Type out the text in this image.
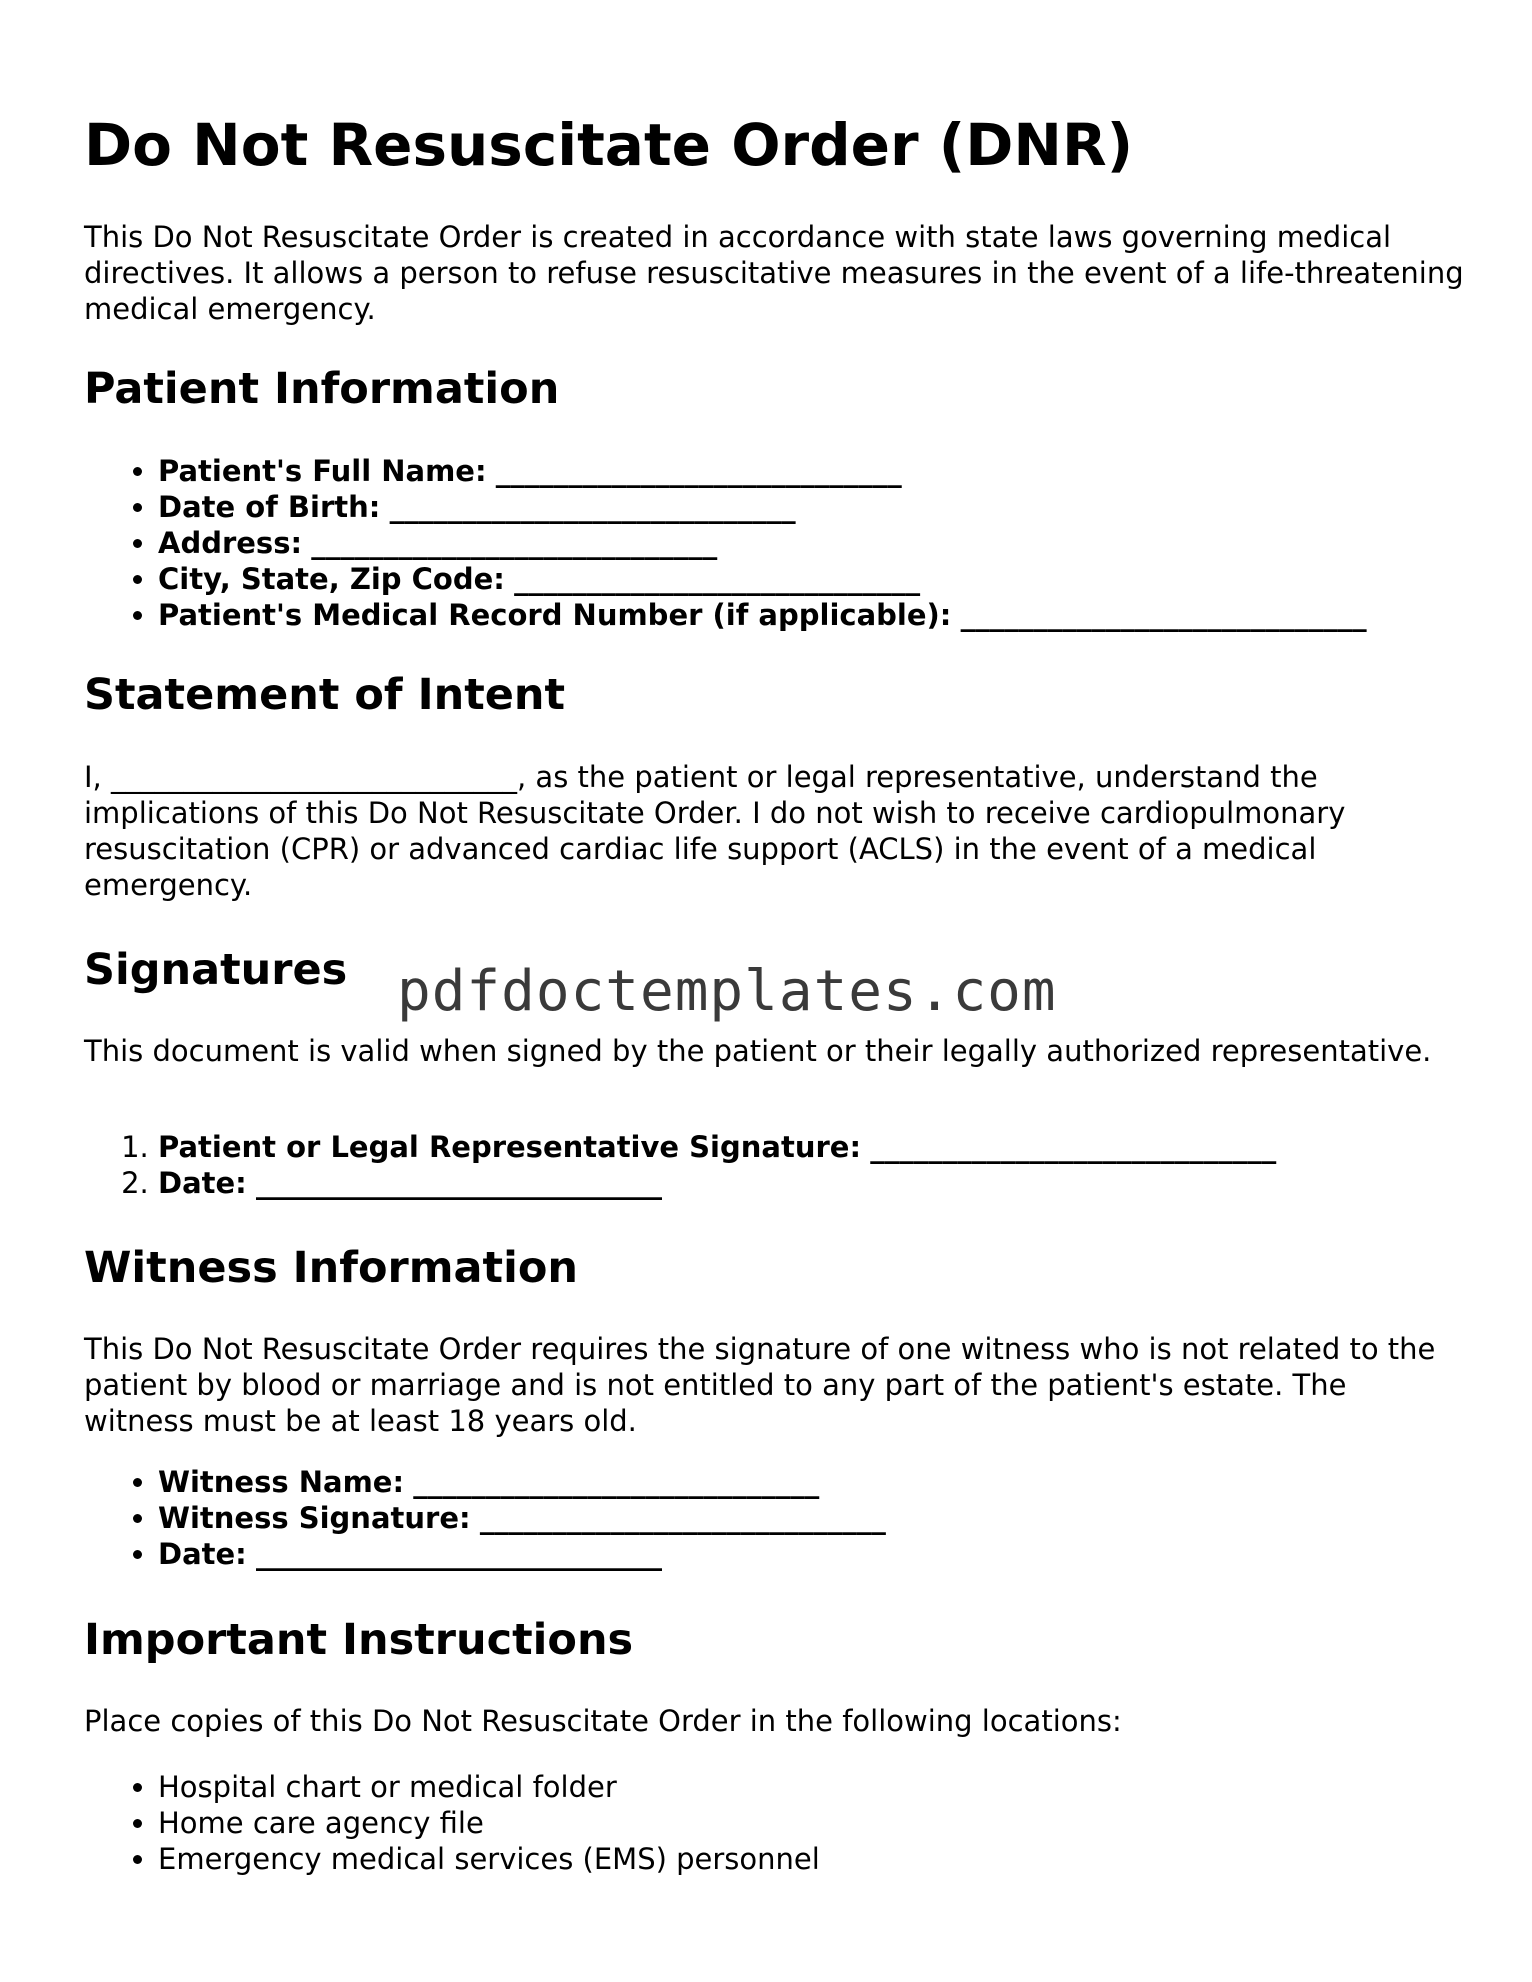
Do Not Resuscitate Order (DNR)

This Do Not Resuscitate Order is created in accordance with state laws governing medical directives. It allows a person to refuse resuscitative measures in the event of a life-threatening medical emergency.

Patient Information
• Patient's Full Name: ____________________________
• Date of Birth: ____________________________
• Address: ____________________________
• City, State, Zip Code: ____________________________
• Patient's Medical Record Number (if applicable): ____________________________
Statement of Intent

I, ____________________________, as the patient or legal representative, understand the implications of this Do Not Resuscitate Order. I do not wish to receive cardiopulmonary resuscitation (CPR) or advanced cardiac life support (ACLS) in the event of a medical emergency.

Signatures

This document is valid when signed by the patient or their legally authorized representative.

1. Patient or Legal Representative Signature: ____________________________
2. Date: ____________________________
Witness Information

This Do Not Resuscitate Order requires the signature of one witness who is not related to the patient by blood or marriage and is not entitled to any part of the patient's estate. The witness must be at least 18 years old.

• Witness Name: ____________________________
• Witness Signature: ____________________________
• Date: ____________________________
Important Instructions

Place copies of this Do Not Resuscitate Order in the following locations:

• Hospital chart or medical folder
• Home care agency file
• Emergency medical services (EMS) personnel
pdfdoctemplates.com
